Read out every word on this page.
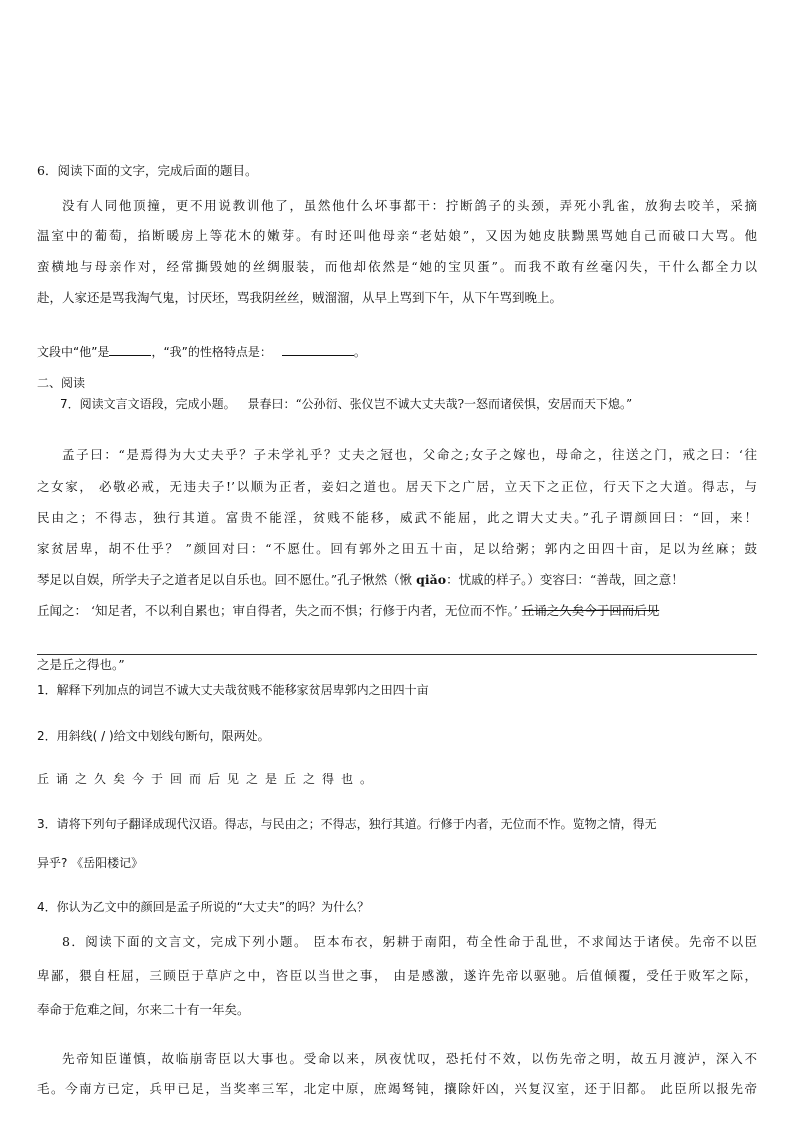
6．阅读下面的文字，完成后面的题目。
没有人同他顶撞，更不用说教训他了，虽然他什么坏事都干：拧断鸽子的头颈，弄死小乳雀，放狗去咬羊，采摘
温室中的葡萄，掐断暖房上等花木的嫩芽。有时还叫他母亲“老姑娘”，又因为她皮肤黝黑骂她自己而破口大骂。他
蛮横地与母亲作对，经常撕毁她的丝绸服装，而他却依然是“她的宝贝蛋”。而我不敢有丝毫闪失，干什么都全力以
赴，人家还是骂我淘气鬼，讨厌坯，骂我阴丝丝，贼溜溜，从早上骂到下午，从下午骂到晚上。
文段中“他”是	，“我”的性格特点是：	。
二、阅读
7．阅读文言文语段，完成小题。 景春曰：“公孙衍、张仪岂不诚大丈夫哉?一怒而诸侯惧，安居而天下熄。”
孟子曰：“是焉得为大丈夫乎？子未学礼乎？丈夫之冠也，父命之;女子之嫁也，母命之，往送之门，戒之曰：‘往
之女家， 必敬必戒，无违夫子!’以顺为正者，妾妇之道也。居天下之广居，立天下之正位，行天下之大道。得志，与
民由之；不得志，独行其道。富贵不能淫，贫贱不能移，威武不能屈，此之谓大丈夫。”孔子谓颜回曰：“回，来！
家贫居卑，胡不仕乎？ ”颜回对曰：“不愿仕。回有郭外之田五十亩，足以给粥；郭内之田四十亩，足以为丝麻；鼓
琴足以自娱，所学夫子之道者足以自乐也。回不愿仕。”孔子愀然（愀 qiǎo：忧戚的样子。）变容曰：“善哉，回之意！
丘闻之： ‘知足者，不以利自累也；审自得者，失之而不惧；行修于内者，无位而不怍。’ 丘诵之久矣今于回而后见
之是丘之得也。”
1．解释下列加点的词岂不诚大丈夫哉贫贱不能移家贫居卑郭内之田四十亩
2．用斜线( / )给文中划线句断句，限两处。
丘诵之久矣今于回而后见之是丘之得也。
3．请将下列句子翻译成现代汉语。得志，与民由之；不得志，独行其道。行修于内者，无位而不怍。览物之情，得无
异乎? 《岳阳楼记》
4．你认为乙文中的颜回是孟子所说的“大丈夫”的吗？为什么？
8．阅读下面的文言文，完成下列小题。 臣本布衣，躬耕于南阳，苟全性命于乱世，不求闻达于诸侯。先帝不以臣
卑鄙，猥自枉屈，三顾臣于草庐之中，咨臣以当世之事， 由是感激，遂许先帝以驱驰。后值倾覆，受任于败军之际，
奉命于危难之间，尔来二十有一年矣。
先帝知臣谨慎，故临崩寄臣以大事也。受命以来，夙夜忧叹，恐托付不效，以伤先帝之明，故五月渡泸，深入不
毛。今南方已定，兵甲已足，当奖率三军，北定中原，庶竭驽钝，攘除奸凶，兴复汉室，还于旧都。 此臣所以报先帝
